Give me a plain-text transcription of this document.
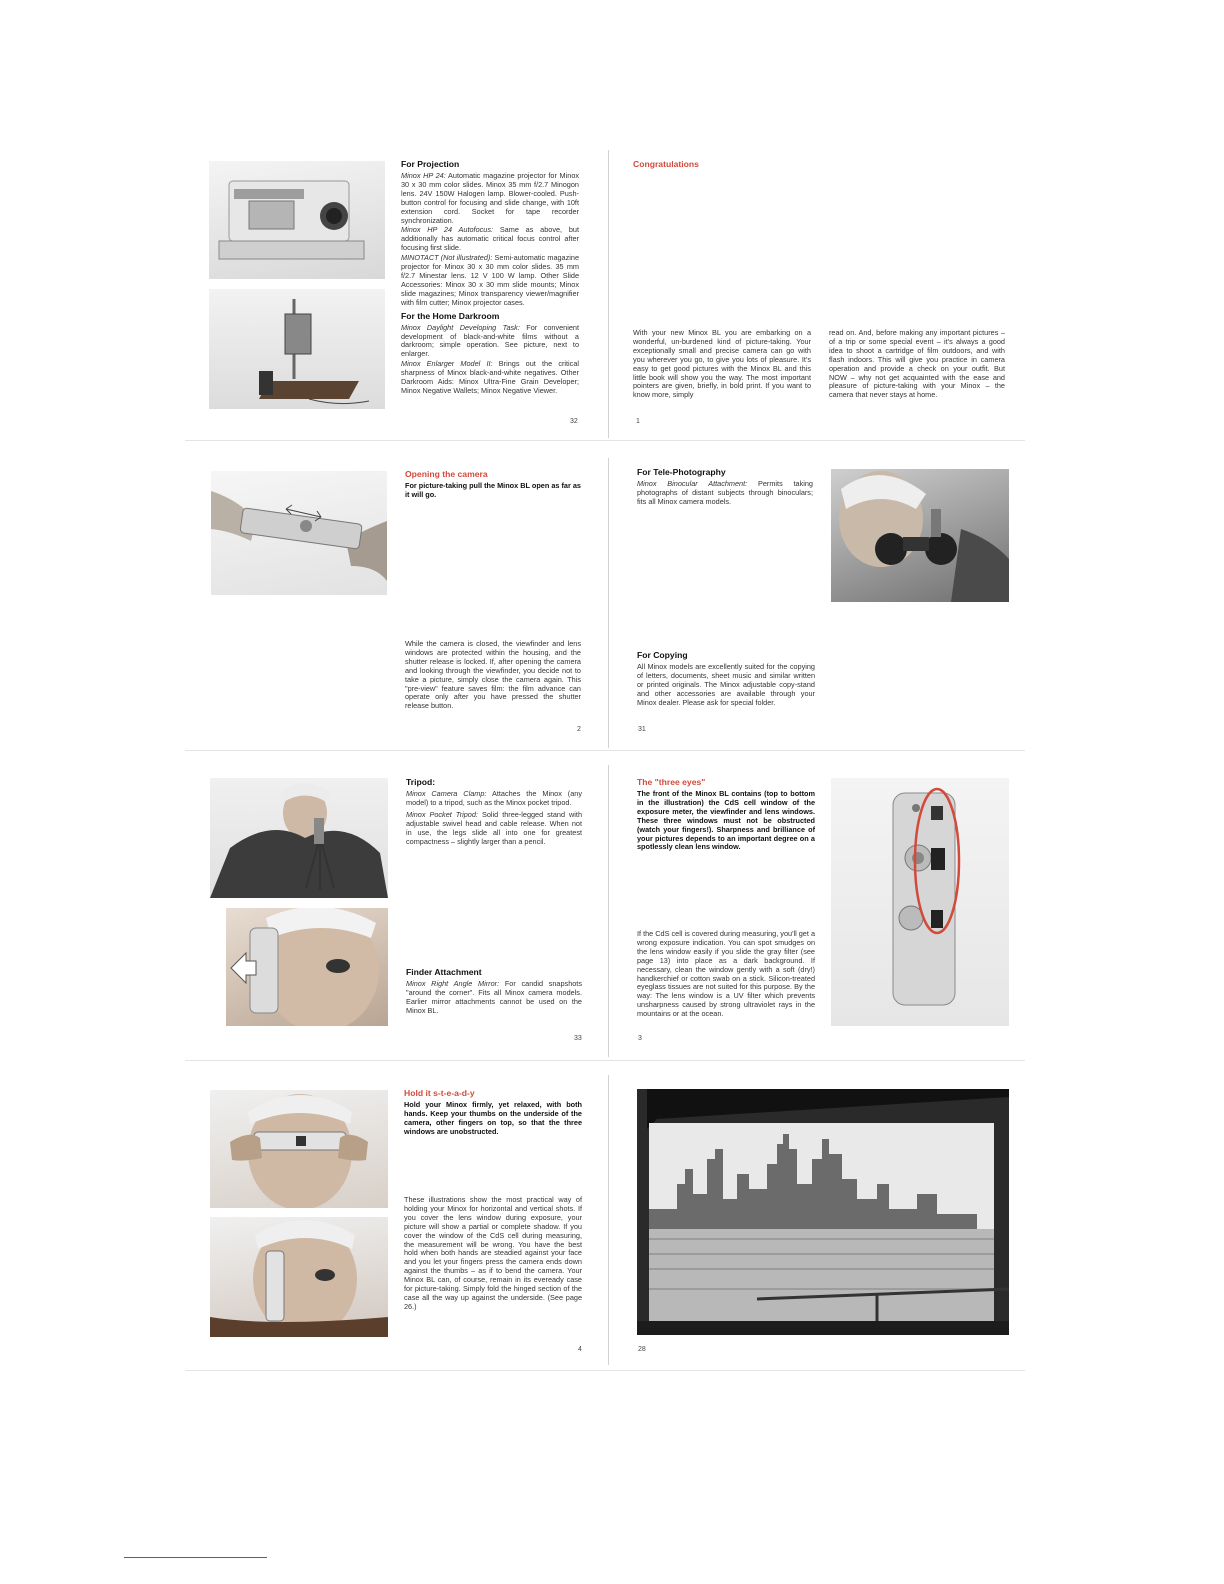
For Projection

Minox HP 24: Automatic magazine projector for Minox 30 x 30 mm color slides. Minox 35 mm f/2.7 Minogon lens. 24V 150W Halogen lamp. Blower-cooled. Push-button control for focusing and slide change, with 10ft extension cord. Socket for tape recorder synchronization.

Minox HP 24 Autofocus: Same as above, but additionally has automatic critical focus control after focusing first slide.

MINOTACT (Not illustrated): Semi-automatic magazine projector for Minox 30 x 30 mm color slides. 35 mm f/2.7 Minestar lens. 12 V 100 W lamp. Other Slide Accessories: Minox 30 x 30 mm slide mounts; Minox slide magazines; Minox transparency viewer/magnifier with film cutter; Minox projector cases.

For the Home Darkroom

Minox Daylight Developing Task: For convenient development of black-and-white films without a darkroom; simple operation. See picture, next to enlarger.

Minox Enlarger Model II: Brings out the critical sharpness of Minox black-and-white negatives. Other Darkroom Aids: Minox Ultra-Fine Grain Developer; Minox Negative Wallets; Minox Negative Viewer.

32
Congratulations

With your new Minox BL you are embarking on a wonderful, un-burdened kind of picture-taking. Your exceptionally small and precise camera can go with you wherever you go, to give you lots of pleasure. It's easy to get good pictures with the Minox BL and this little book will show you the way. The most important pointers are given, briefly, in bold print. If you want to know more, simply

read on. And, before making any important pictures – of a trip or some special event – it's always a good idea to shoot a cartridge of film outdoors, and with flash indoors. This will give you practice in camera operation and provide a check on your outfit. But NOW – why not get acquainted with the ease and pleasure of picture-taking with your Minox – the camera that never stays at home.

1
Opening the camera

For picture-taking pull the Minox BL open as far as it will go.

While the camera is closed, the viewfinder and lens windows are protected within the housing, and the shutter release is locked. If, after opening the camera and looking through the viewfinder, you decide not to take a picture, simply close the camera again. This "pre-view" feature saves film: the film advance can operate only after you have pressed the shutter release button.

2
For Tele-Photography

Minox Binocular Attachment: Permits taking photographs of distant subjects through binoculars; fits all Minox camera models.

For Copying

All Minox models are excellently suited for the copying of letters, documents, sheet music and similar written or printed originals. The Minox adjustable copy-stand and other accessories are available through your Minox dealer. Please ask for special folder.

31
Tripod:

Minox Camera Clamp: Attaches the Minox (any model) to a tripod, such as the Minox pocket tripod.

Minox Pocket Tripod: Solid three-legged stand with adjustable swivel head and cable release. When not in use, the legs slide all into one for greatest compactness – slightly larger than a pencil.

Finder Attachment

Minox Right Angle Mirror: For candid snapshots "around the corner". Fits all Minox camera models. Earlier mirror attachments cannot be used on the Minox BL.

33
The "three eyes"

The front of the Minox BL contains (top to bottom in the illustration) the CdS cell window of the exposure meter, the viewfinder and lens windows. These three windows must not be obstructed (watch your fingers!). Sharpness and brilliance of your pictures depends to an important degree on a spotlessly clean lens window.

If the CdS cell is covered during measuring, you'll get a wrong exposure indication. You can spot smudges on the lens window easily if you slide the gray filter (see page 13) into place as a dark background. If necessary, clean the window gently with a soft (dry!) handkerchief or cotton swab on a stick. Silicon-treated eyeglass tissues are not suited for this purpose. By the way: The lens window is a UV filter which prevents unsharpness caused by strong ultraviolet rays in the mountains or at the ocean.

3
Hold it s-t-e-a-d-y

Hold your Minox firmly, yet relaxed, with both hands. Keep your thumbs on the underside of the camera, other fingers on top, so that the three windows are unobstructed.

These illustrations show the most practical way of holding your Minox for horizontal and vertical shots. If you cover the lens window during exposure, your picture will show a partial or complete shadow. If you cover the window of the CdS cell during measuring, the measurement will be wrong. You have the best hold when both hands are steadied against your face and you let your fingers press the camera ends down against the thumbs – as if to bend the camera. Your Minox BL can, of course, remain in its eveready case for picture-taking. Simply fold the hinged section of the case all the way up against the underside. (See page 26.)

4	28
